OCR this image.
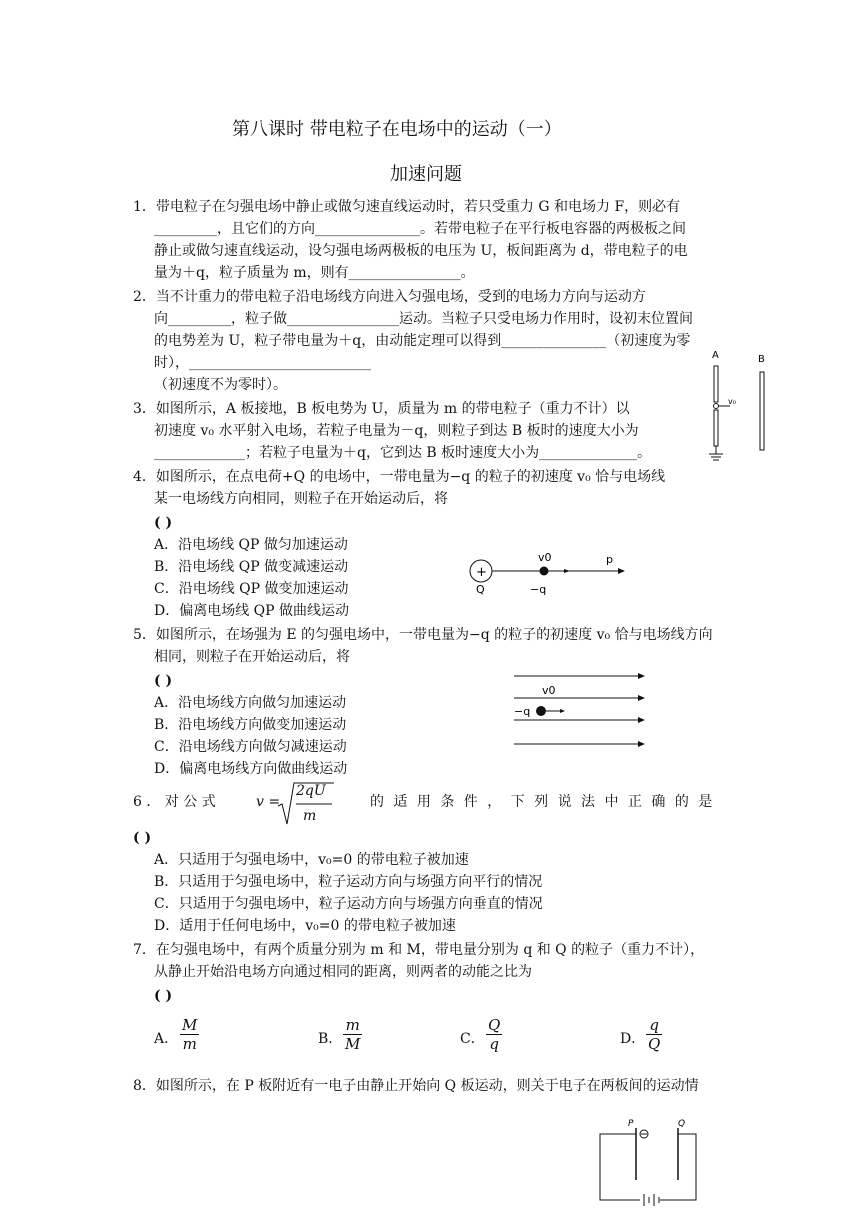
第八课时 带电粒子在电场中的运动（一）
加速问题
1．带电粒子在匀强电场中静止或做匀速直线运动时，若只受重力 G 和电场力 F，则必有
_________，且它们的方向_______________。若带电粒子在平行板电容器的两极板之间
静止或做匀速直线运动，设匀强电场两极板的电压为 U，板间距离为 d，带电粒子的电
量为＋q，粒子质量为 m，则有________________。
2．当不计重力的带电粒子沿电场线方向进入匀强电场，受到的电场力方向与运动方
向_________，粒子做________________运动。当粒子只受电场力作用时，设初末位置间
的电势差为 U，粒子带电量为＋q，由动能定理可以得到_______________（初速度为零
时），__________________________
（初速度不为零时）。
A	B
v₀
3．如图所示，A 板接地，B 板电势为 U，质量为 m 的带电粒子（重力不计）以
初速度 v₀ 水平射入电场，若粒子电量为－q，则粒子到达 B 板时的速度大小为
_____________；若粒子电量为＋q，它到达 B 板时速度大小为______________。
4．如图所示，在点电荷+Q 的电场中，一带电量为−q 的粒子的初速度 v₀ 恰与电场线
某一电场线方向相同，则粒子在开始运动后，将
( )
A．沿电场线 QP 做匀加速运动
B．沿电场线 QP 做变减速运动
C．沿电场线 QP 做变加速运动
D．偏离电场线 QP 做曲线运动
+
Q
v0	p
−q
5．如图所示，在场强为 E 的匀强电场中，一带电量为−q 的粒子的初速度 v₀ 恰与电场线方向
相同，则粒子在开始运动后，将
( )
A．沿电场线方向做匀加速运动
B．沿电场线方向做变加速运动
C．沿电场线方向做匀减速运动
D．偏离电场线方向做曲线运动
v0
−q
6 ． 对 公 式	v =
2qU
m
的 适 用 条 件 ， 下 列 说 法 中 正 确 的 是
( )
A．只适用于匀强电场中，v₀=0 的带电粒子被加速
B．只适用于匀强电场中，粒子运动方向与场强方向平行的情况
C．只适用于匀强电场中，粒子运动方向与场强方向垂直的情况
D．适用于任何电场中，v₀=0 的带电粒子被加速
7．在匀强电场中，有两个质量分别为 m 和 M，带电量分别为 q 和 Q 的粒子（重力不计），
从静止开始沿电场方向通过相同的距离，则两者的动能之比为
( )
A． $\frac{M}{m}$	B． $\frac{m}{M}$	C． $\frac{Q}{q}$	D． $\frac{q}{Q}$
8．如图所示，在 P 板附近有一电子由静止开始向 Q 板运动，则关于电子在两板间的运动情
P	Q
